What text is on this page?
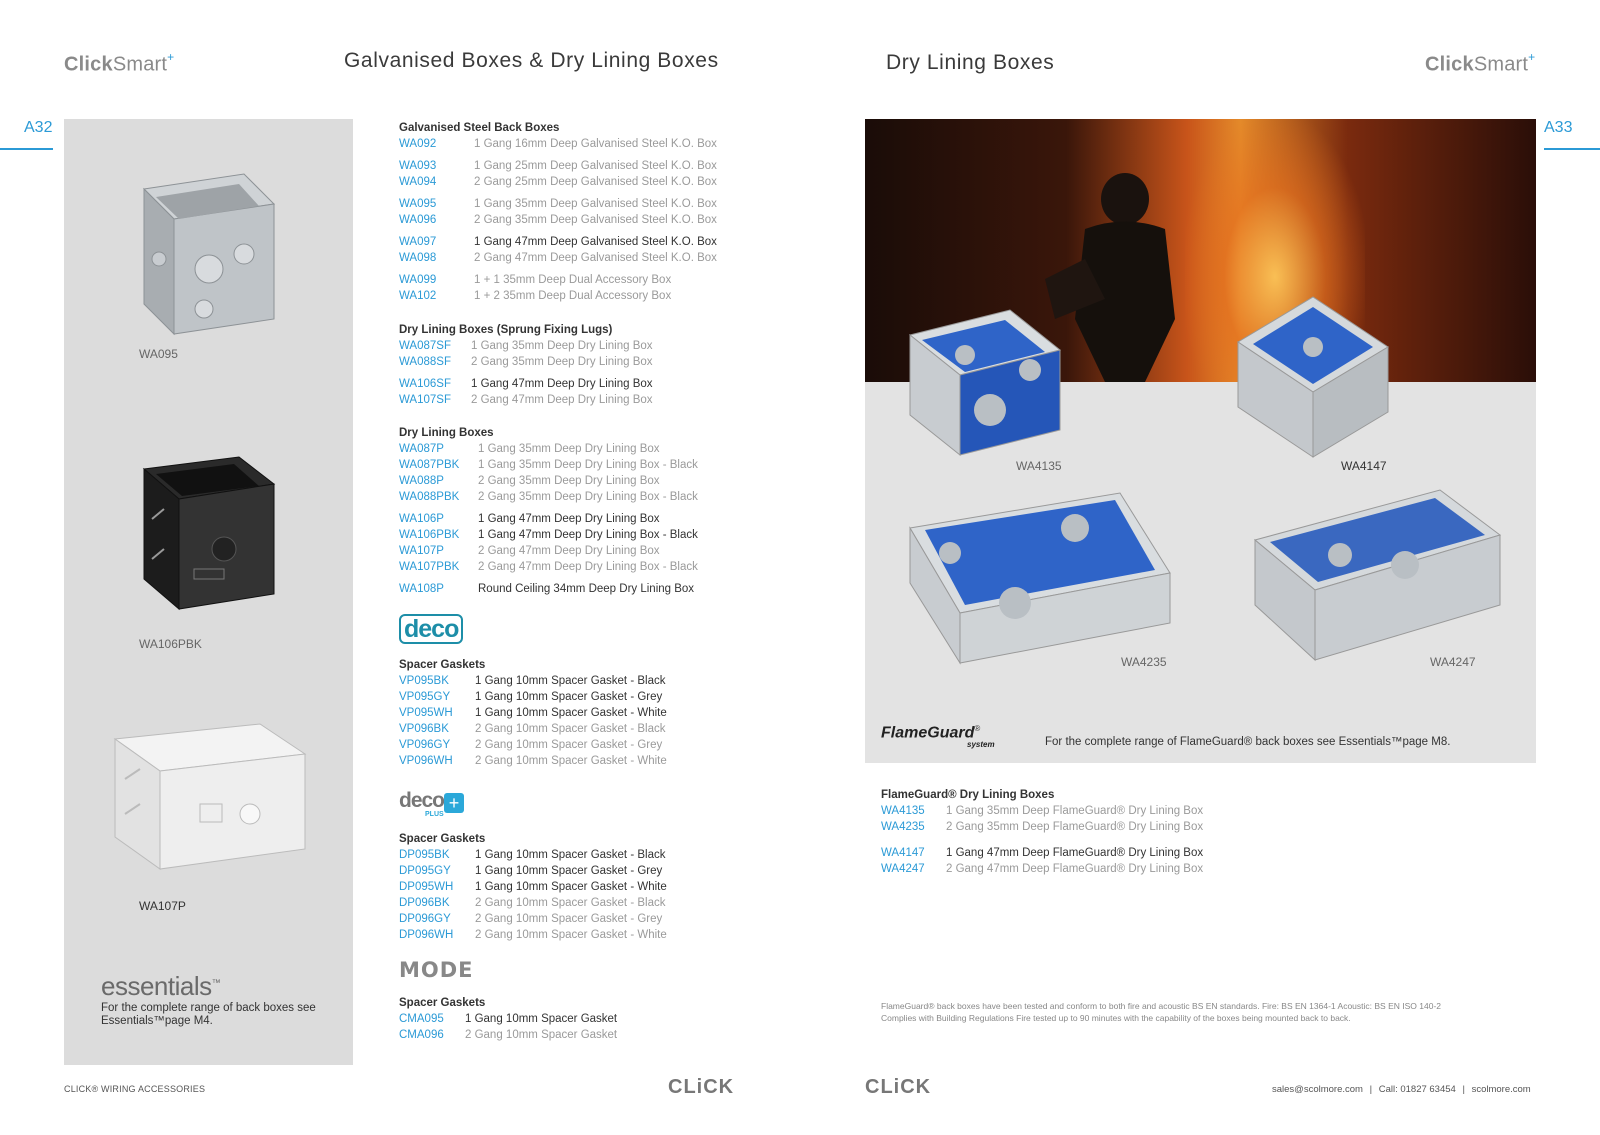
ClickSmart+	Galvanised Boxes & Dry Lining Boxes
A32
WA095
WA106PBK
WA107P
essentials™
For the complete range of back boxes see Essentials™page M4.
Galvanised Steel Back Boxes
WA092	1 Gang 16mm Deep Galvanised Steel K.O. Box
WA093	1 Gang 25mm Deep Galvanised Steel K.O. Box
WA094	2 Gang 25mm Deep Galvanised Steel K.O. Box
WA095	1 Gang 35mm Deep Galvanised Steel K.O. Box
WA096	2 Gang 35mm Deep Galvanised Steel K.O. Box
WA097	1 Gang 47mm Deep Galvanised Steel K.O. Box
WA098	2 Gang 47mm Deep Galvanised Steel K.O. Box
WA099	1 + 1 35mm Deep Dual Accessory Box
WA102	1 + 2 35mm Deep Dual Accessory Box
Dry Lining Boxes (Sprung Fixing Lugs)
WA087SF	1 Gang 35mm Deep Dry Lining Box
WA088SF	2 Gang 35mm Deep Dry Lining Box
WA106SF	1 Gang 47mm Deep Dry Lining Box
WA107SF	2 Gang 47mm Deep Dry Lining Box
Dry Lining Boxes
WA087P	1 Gang 35mm Deep Dry Lining Box
WA087PBK	1 Gang 35mm Deep Dry Lining Box - Black
WA088P	2 Gang 35mm Deep Dry Lining Box
WA088PBK	2 Gang 35mm Deep Dry Lining Box - Black
WA106P	1 Gang 47mm Deep Dry Lining Box
WA106PBK	1 Gang 47mm Deep Dry Lining Box - Black
WA107P	2 Gang 47mm Deep Dry Lining Box
WA107PBK	2 Gang 47mm Deep Dry Lining Box - Black
WA108P	Round Ceiling 34mm Deep Dry Lining Box
deco
Spacer Gaskets
VP095BK	1 Gang 10mm Spacer Gasket - Black
VP095GY	1 Gang 10mm Spacer Gasket - Grey
VP095WH	1 Gang 10mm Spacer Gasket - White
VP096BK	2 Gang 10mm Spacer Gasket - Black
VP096GY	2 Gang 10mm Spacer Gasket - Grey
VP096WH	2 Gang 10mm Spacer Gasket - White
deco +
PLUS
Spacer Gaskets
DP095BK	1 Gang 10mm Spacer Gasket - Black
DP095GY	1 Gang 10mm Spacer Gasket - Grey
DP095WH	1 Gang 10mm Spacer Gasket - White
DP096BK	2 Gang 10mm Spacer Gasket - Black
DP096GY	2 Gang 10mm Spacer Gasket - Grey
DP096WH	2 Gang 10mm Spacer Gasket - White
MODE
Spacer Gaskets
CMA095	1 Gang 10mm Spacer Gasket
CMA096	2 Gang 10mm Spacer Gasket
CLICK® WIRING ACCESSORIES	CLiCK
Dry Lining Boxes	ClickSmart+
A33
WA4135	WA4147
WA4235	WA4247
FlameGuard®
system	For the complete range of FlameGuard® back boxes see Essentials™page M8.
FlameGuard® Dry Lining Boxes
WA4135	1 Gang 35mm Deep FlameGuard® Dry Lining Box
WA4235	2 Gang 35mm Deep FlameGuard® Dry Lining Box
WA4147	1 Gang 47mm Deep FlameGuard® Dry Lining Box
WA4247	2 Gang 47mm Deep FlameGuard® Dry Lining Box
FlameGuard® back boxes have been tested and conform to both fire and acoustic BS EN standards. Fire: BS EN 1364-1 Acoustic: BS EN ISO 140-2
Complies with Building Regulations Fire tested up to 90 minutes with the capability of the boxes being mounted back to back.
CLiCK	sales@scolmore.com | Call: 01827 63454 | scolmore.com
